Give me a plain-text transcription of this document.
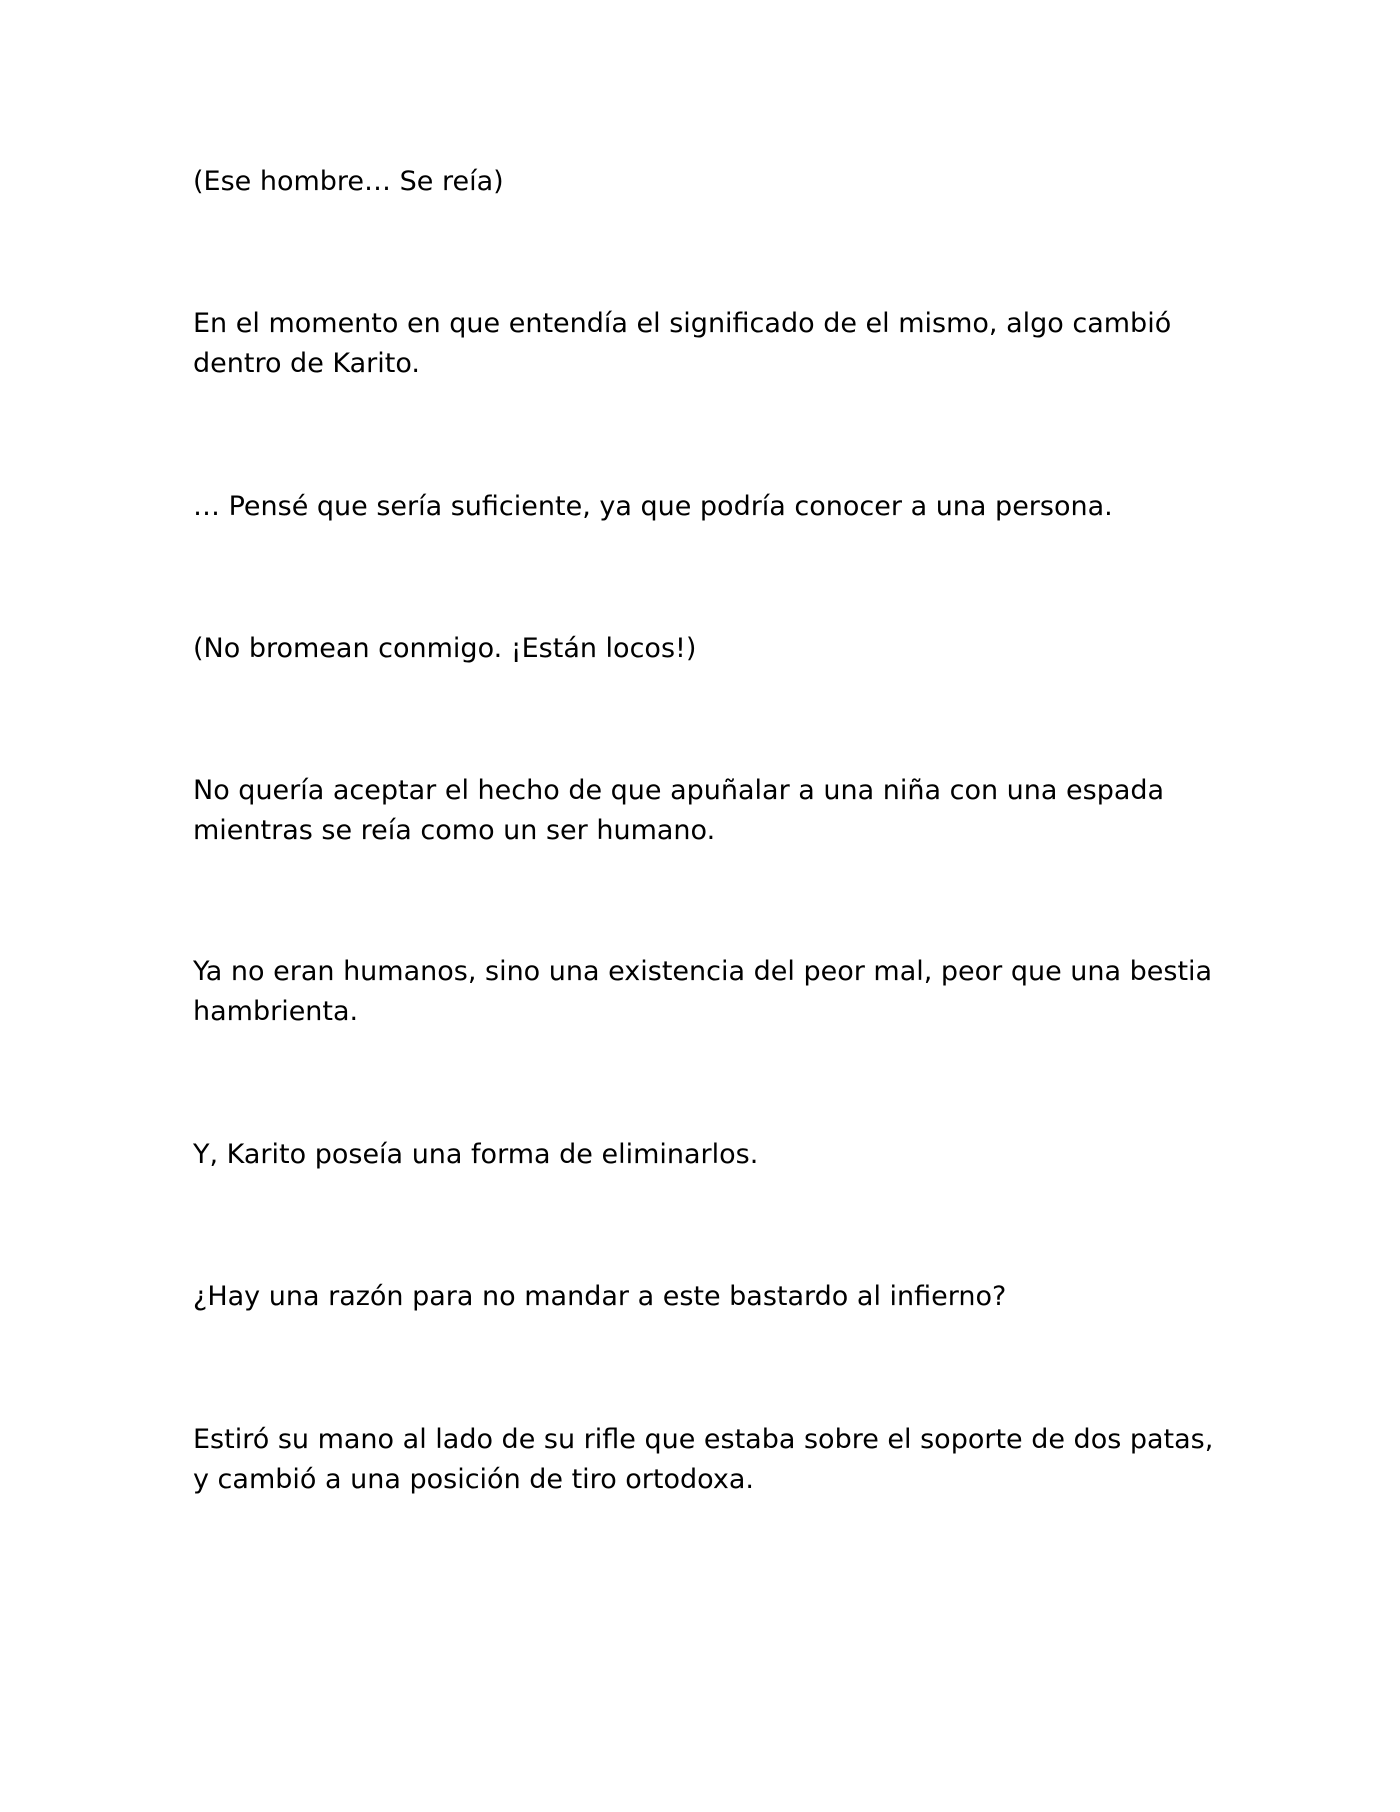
(Ese hombre… Se reía)

En el momento en que entendía el significado de el mismo, algo cambió dentro de Karito.

… Pensé que sería suficiente, ya que podría conocer a una persona.

(No bromean conmigo. ¡Están locos!)

No quería aceptar el hecho de que apuñalar a una niña con una espada mientras se reía como un ser humano.

Ya no eran humanos, sino una existencia del peor mal, peor que una bestia hambrienta.

Y, Karito poseía una forma de eliminarlos.

¿Hay una razón para no mandar a este bastardo al infierno?

Estiró su mano al lado de su rifle que estaba sobre el soporte de dos patas, y cambió a una posición de tiro ortodoxa.
